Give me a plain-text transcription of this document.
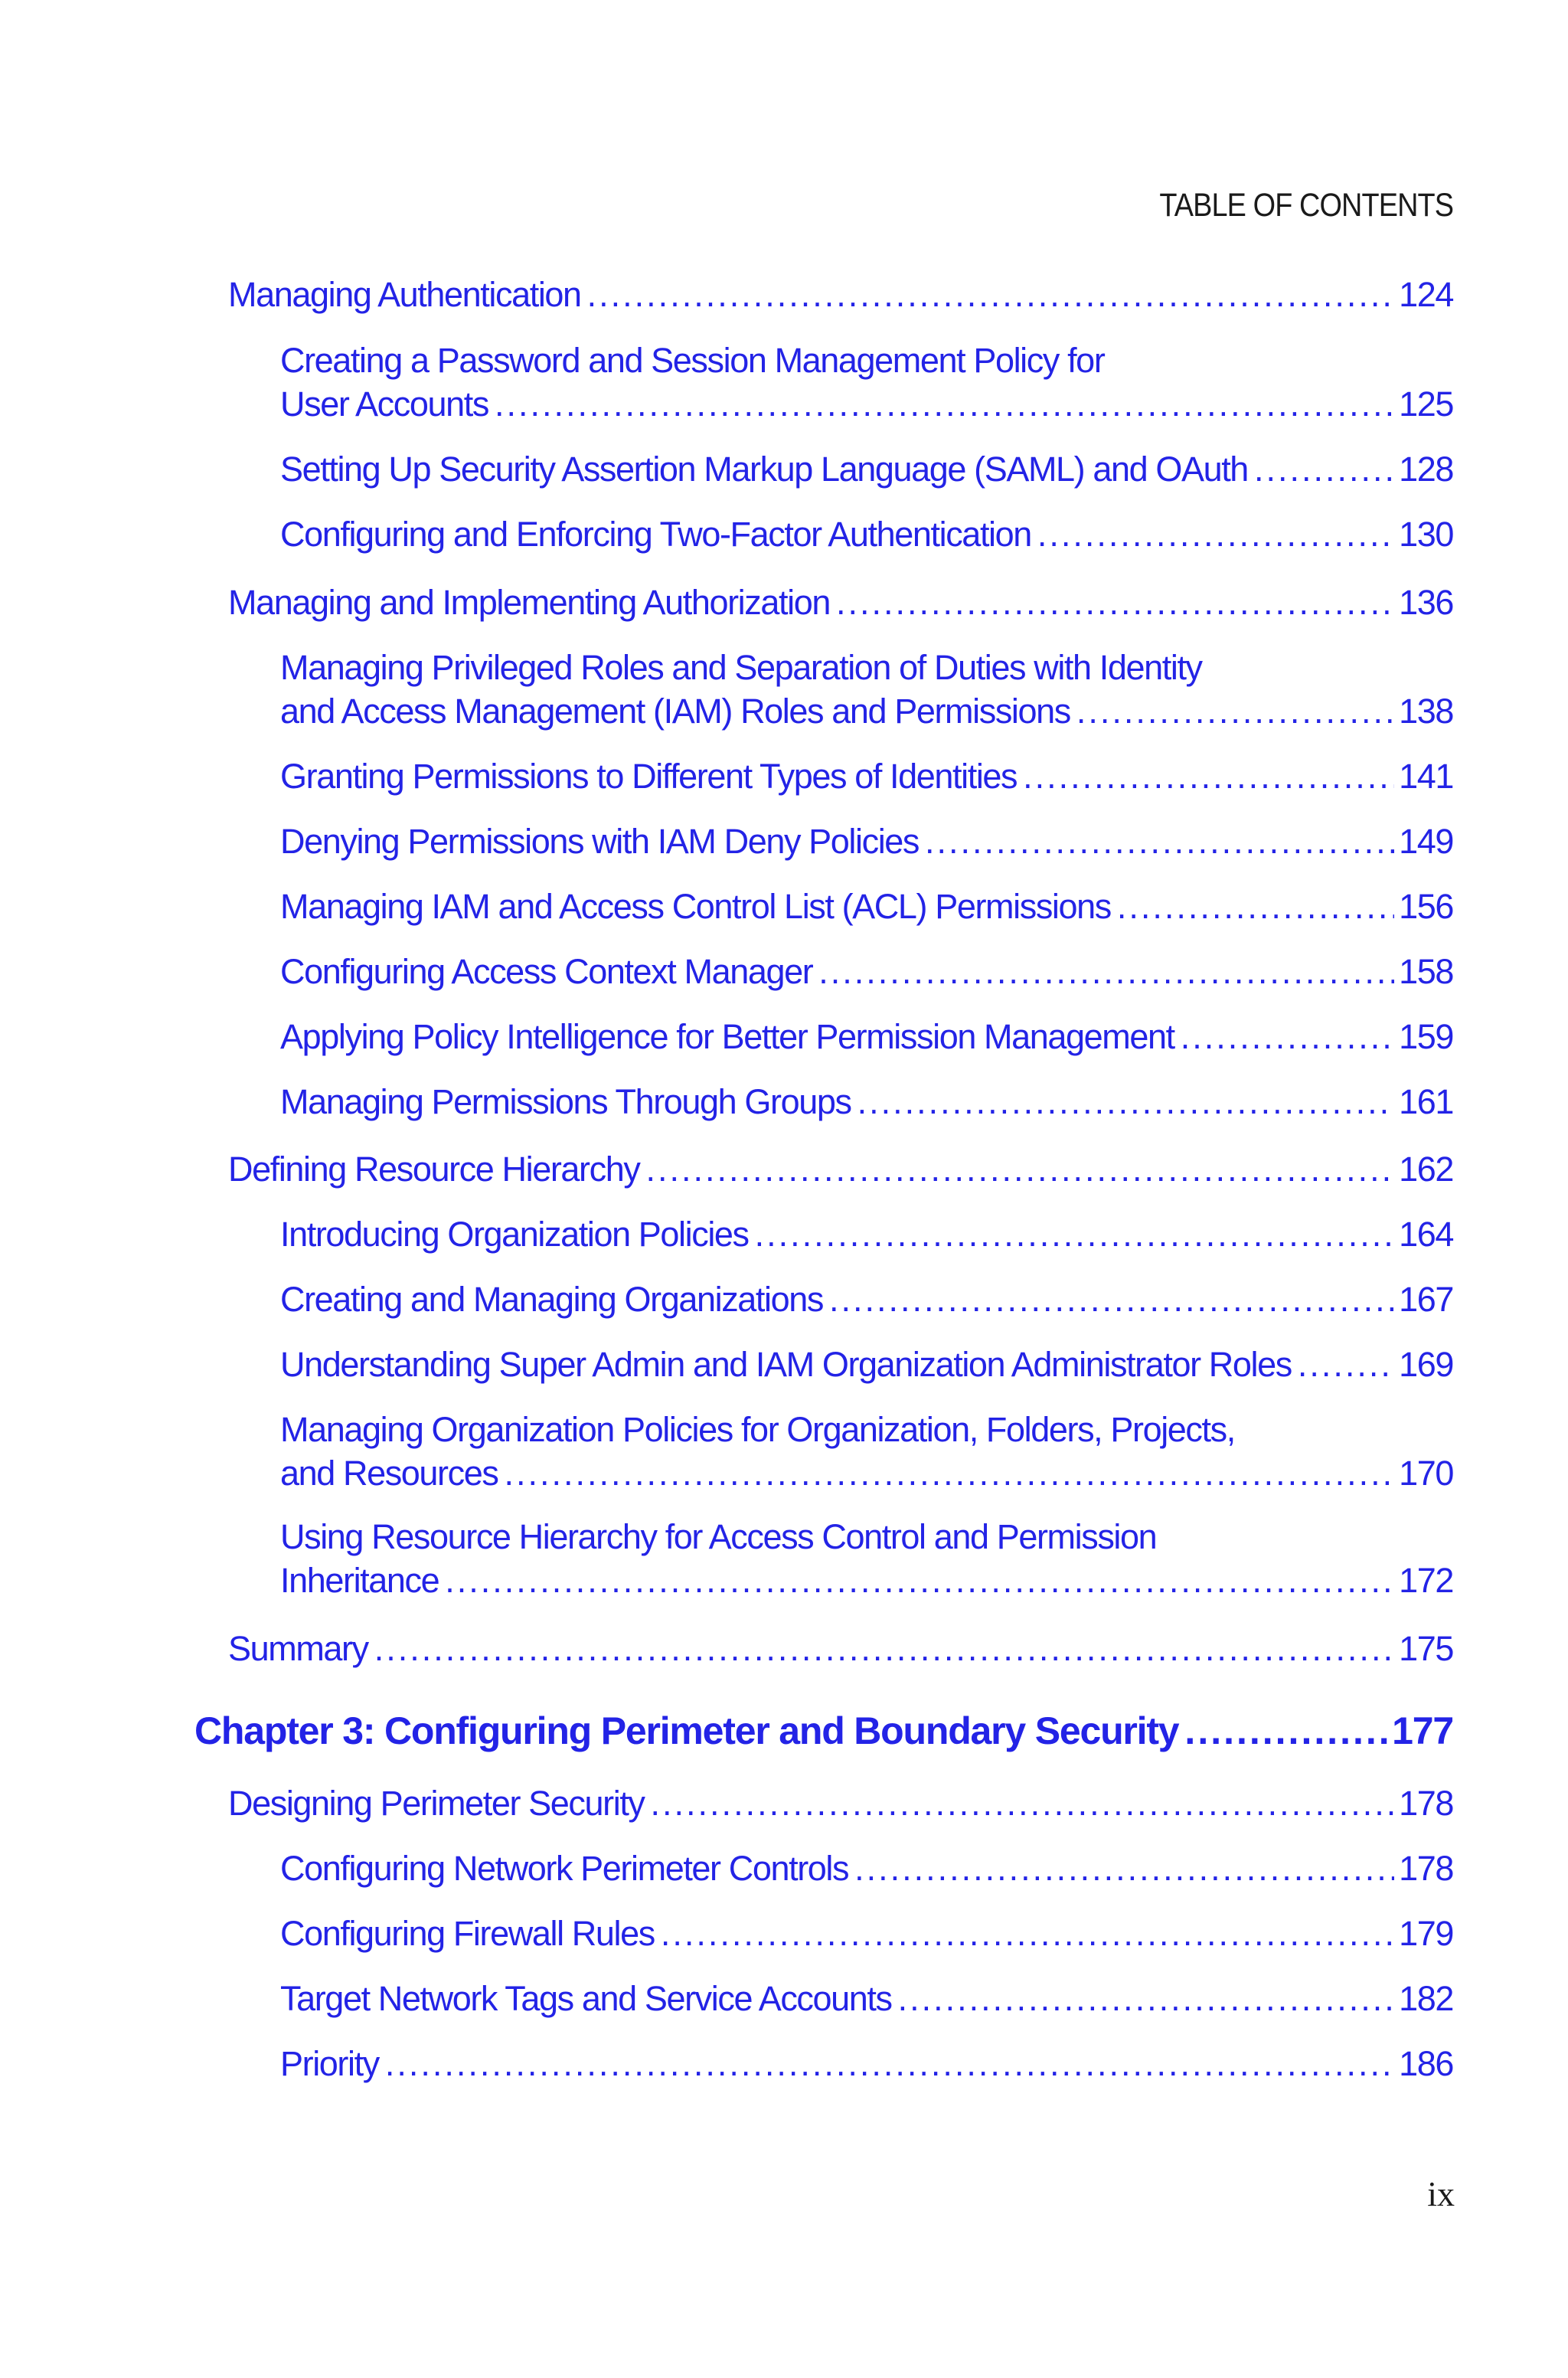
TABLE OF CONTENTS
Managing Authentication .....	124
Creating a Password and Session Management Policy for
User Accounts .....	125
Setting Up Security Assertion Markup Language (SAML) and OAuth .....	128
Configuring and Enforcing Two-Factor Authentication .....	130
Managing and Implementing Authorization .....	136
Managing Privileged Roles and Separation of Duties with Identity
and Access Management (IAM) Roles and Permissions .....	138
Granting Permissions to Different Types of Identities .....	141
Denying Permissions with IAM Deny Policies .....	149
Managing IAM and Access Control List (ACL) Permissions .....	156
Configuring Access Context Manager .....	158
Applying Policy Intelligence for Better Permission Management .....	159
Managing Permissions Through Groups .....	161
Defining Resource Hierarchy .....	162
Introducing Organization Policies .....	164
Creating and Managing Organizations .....	167
Understanding Super Admin and IAM Organization Administrator Roles .....	169
Managing Organization Policies for Organization, Folders, Projects,
and Resources .....	170
Using Resource Hierarchy for Access Control and Permission
Inheritance .....	172
Summary .....	175
Chapter 3: Configuring Perimeter and Boundary Security .....	177
Designing Perimeter Security .....	178
Configuring Network Perimeter Controls .....	178
Configuring Firewall Rules .....	179
Target Network Tags and Service Accounts .....	182
Priority .....	186
ix
